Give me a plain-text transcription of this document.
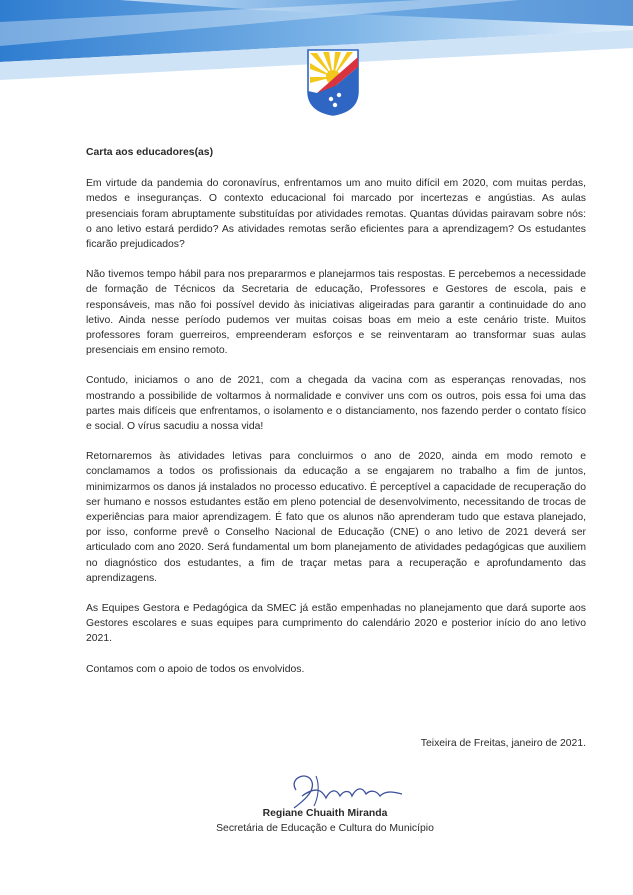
Carta aos educadores(as)

Em virtude da pandemia do coronavírus, enfrentamos um ano muito difícil em 2020, com muitas perdas, medos e inseguranças. O contexto educacional foi marcado por incertezas e angústias. As aulas presenciais foram abruptamente substituídas por atividades remotas. Quantas dúvidas pairavam sobre nós: o ano letivo estará perdido? As atividades remotas serão eficientes para a aprendizagem? Os estudantes ficarão prejudicados?

Não tivemos tempo hábil para nos prepararmos e planejarmos tais respostas. E percebemos a necessidade de formação de Técnicos da Secretaria de educação, Professores e Gestores de escola, pais e responsáveis, mas não foi possível devido às iniciativas aligeiradas para garantir a continuidade do ano letivo. Ainda nesse período pudemos ver muitas coisas boas em meio a este cenário triste. Muitos professores foram guerreiros, empreenderam esforços e se reinventaram ao transformar suas aulas presenciais em ensino remoto.

Contudo, iniciamos o ano de 2021, com a chegada da vacina com as esperanças renovadas, nos mostrando a possibilide de voltarmos à normalidade e conviver uns com os outros, pois essa foi uma das partes mais difíceis que enfrentamos, o isolamento e o distanciamento, nos fazendo perder o contato físico e social. O vírus sacudiu a nossa vida!

Retornaremos às atividades letivas para concluirmos o ano de 2020, ainda em modo remoto e conclamamos a todos os profissionais da educação a se engajarem no trabalho a fim de juntos, minimizarmos os danos já instalados no processo educativo. É perceptível a capacidade de recuperação do ser humano e nossos estudantes estão em pleno potencial de desenvolvimento, necessitando de trocas de experiências para maior aprendizagem. É fato que os alunos não aprenderam tudo que estava planejado, por isso, conforme prevê o Conselho Nacional de Educação (CNE) o ano letivo de 2021 deverá ser articulado com ano 2020. Será fundamental um bom planejamento de atividades pedagógicas que auxiliem no diagnóstico dos estudantes, a fim de traçar metas para a recuperação e aprofundamento das aprendizagens.

As Equipes Gestora e Pedagógica da SMEC já estão empenhadas no planejamento que dará suporte aos Gestores escolares e suas equipes para cumprimento do calendário 2020 e posterior início do ano letivo 2021.

Contamos com o apoio de todos os envolvidos.

Teixeira de Freitas, janeiro de 2021.
Regiane Chuaith Miranda
Secretária de Educação e Cultura do Município
